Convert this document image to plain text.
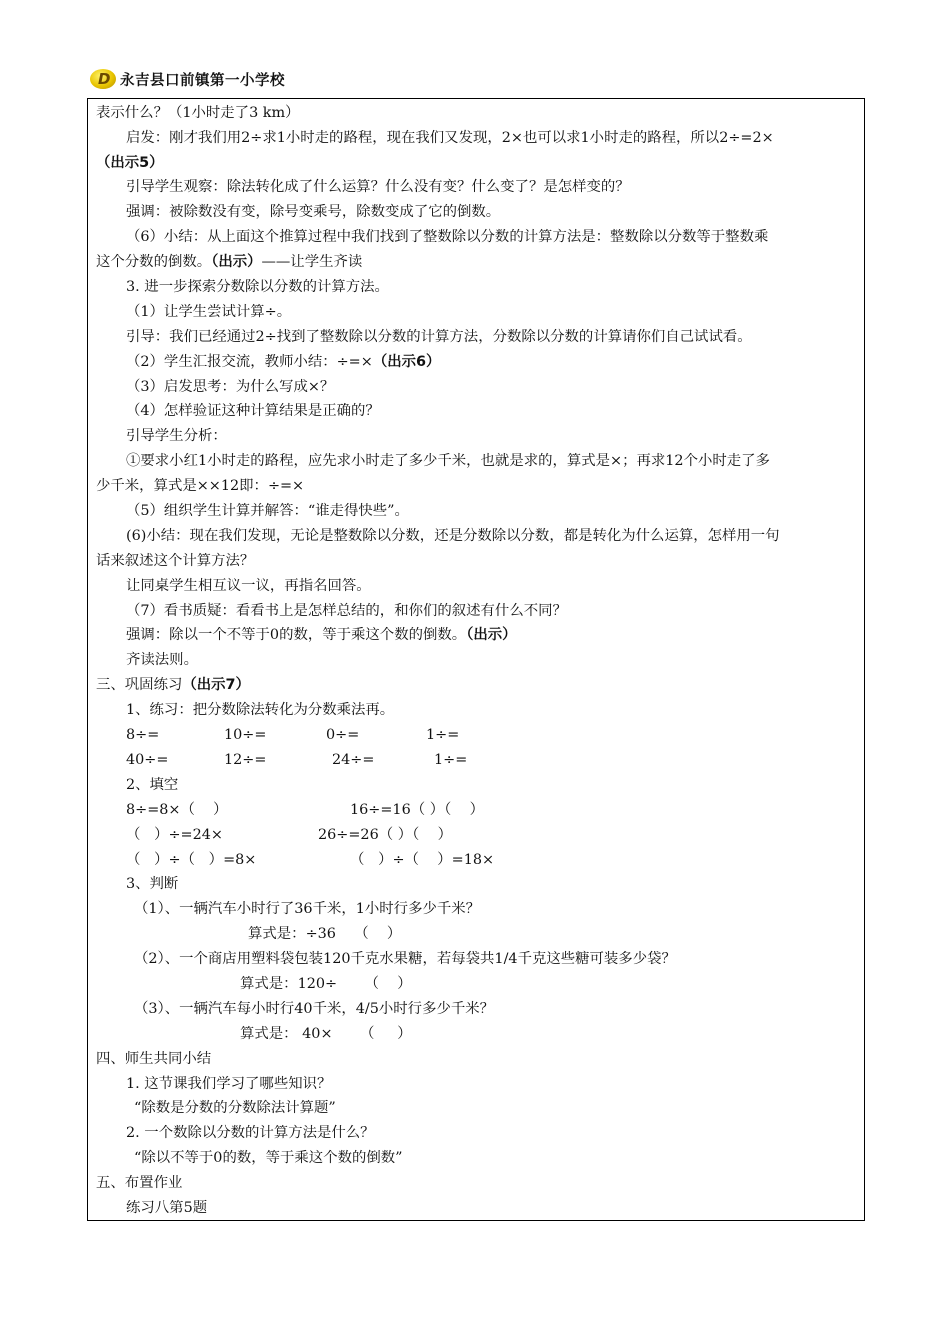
D 永吉县口前镇第一小学校
表示什么？（1小时走了3 km）
启发：刚才我们用2÷求1小时走的路程，现在我们又发现，2×也可以求1小时走的路程，所以2÷=2×
（出示5）
引导学生观察：除法转化成了什么运算？什么没有变？什么变了？是怎样变的？
强调：被除数没有变，除号变乘号，除数变成了它的倒数。
（6）小结：从上面这个推算过程中我们找到了整数除以分数的计算方法是：整数除以分数等于整数乘
这个分数的倒数。（出示）——让学生齐读
3. 进一步探索分数除以分数的计算方法。
（1）让学生尝试计算÷。
引导：我们已经通过2÷找到了整数除以分数的计算方法，分数除以分数的计算请你们自己试试看。
（2）学生汇报交流，教师小结：÷=×（出示6）
（3）启发思考：为什么写成×？
（4）怎样验证这种计算结果是正确的？
引导学生分析：
①要求小红1小时走的路程，应先求小时走了多少千米，也就是求的，算式是×；再求12个小时走了多
少千米，算式是××12即：÷=×
（5）组织学生计算并解答：“谁走得快些”。
(6)小结：现在我们发现，无论是整数除以分数，还是分数除以分数，都是转化为什么运算，怎样用一句
话来叙述这个计算方法？
让同桌学生相互议一议，再指名回答。
（7）看书质疑：看看书上是怎样总结的，和你们的叙述有什么不同？
强调：除以一个不等于0的数，等于乘这个数的倒数。（出示）
齐读法则。
三、巩固练习（出示7）
1、练习：把分数除法转化为分数乘法再。
8÷=	10÷=	0÷=	1÷=
40÷=	12÷=	24÷=	1÷=
2、填空
8÷=8×（    ）	16÷=16（ ）（    ）
（   ）÷=24×	26÷=26（ ）（    ）
（   ）÷（   ）=8×	（   ）÷（    ）=18×
3、判断
（1）、一辆汽车小时行了36千米，1小时行多少千米？
算式是：÷36    （    ）
（2）、一个商店用塑料袋包装120千克水果糖，若每袋共1/4千克这些糖可装多少袋？
算式是：120÷      （    ）
（3）、一辆汽车每小时行40千米，4/5小时行多少千米？
算式是： 40×      （     ）
四、师生共同小结
1. 这节课我们学习了哪些知识？
“除数是分数的分数除法计算题”
2. 一个数除以分数的计算方法是什么？
“除以不等于0的数，等于乘这个数的倒数”
五、布置作业
练习八第5题
